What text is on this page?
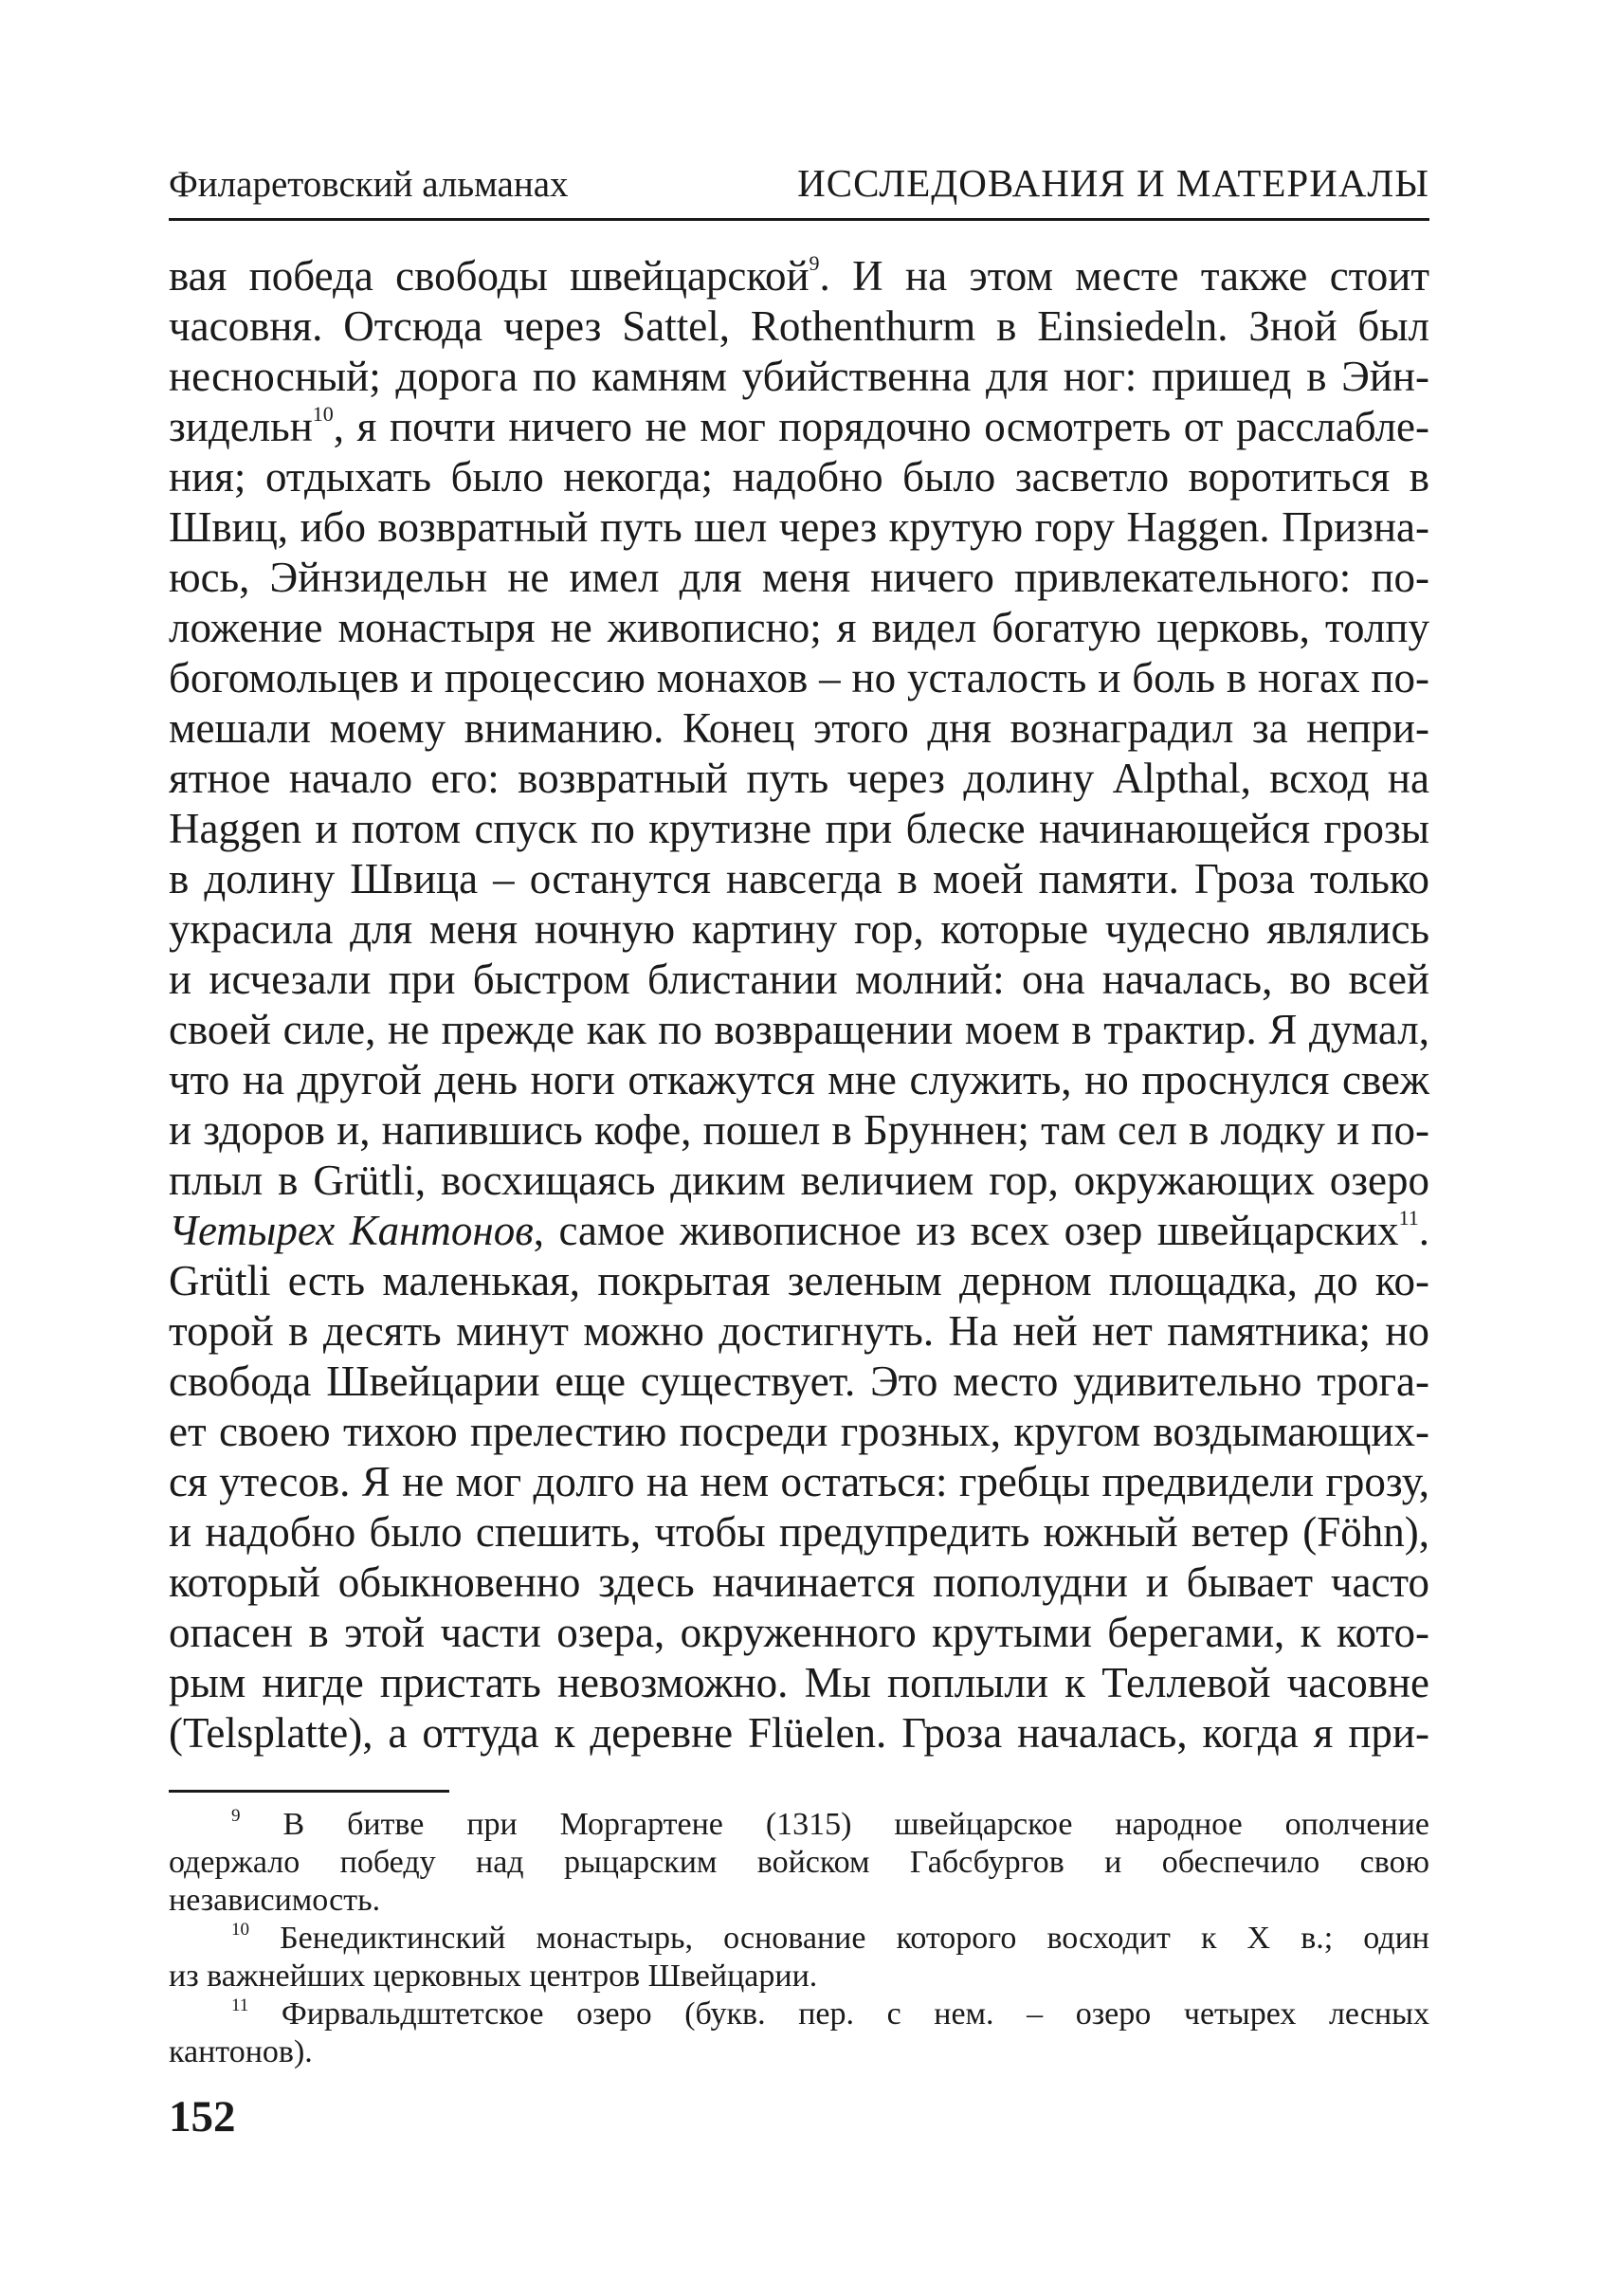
Филаретовский альманах	ИССЛЕДОВАНИЯ И МАТЕРИАЛЫ
вая победа свободы швейцарской$^9$. И на этом месте также стоит
часовня. Отсюда через Sattel, Rothenthurm в Einsiedeln. Зной был
несносный; дорога по камням убийственна для ног: пришед в Эйн-
зидельн$^{10}$, я почти ничего не мог порядочно осмотреть от расслабле-
ния; отдыхать было некогда; надобно было засветло воротиться в
Швиц, ибо возвратный путь шел через крутую гору Haggen. Призна-
юсь, Эйнзидельн не имел для меня ничего привлекательного: по-
ложение монастыря не живописно; я видел богатую церковь, толпу
богомольцев и процессию монахов – но усталость и боль в ногах по-
мешали моему вниманию. Конец этого дня вознаградил за непри-
ятное начало его: возвратный путь через долину Alpthal, всход на
Haggen и потом спуск по крутизне при блеске начинающейся грозы
в долину Швица – останутся навсегда в моей памяти. Гроза только
украсила для меня ночную картину гор, которые чудесно являлись
и исчезали при быстром блистании молний: она началась, во всей
своей силе, не прежде как по возвращении моем в трактир. Я думал,
что на другой день ноги откажутся мне служить, но проснулся свеж
и здоров и, напившись кофе, пошел в Бруннен; там сел в лодку и по-
плыл в Grütli, восхищаясь диким величием гор, окружающих озеро
Четырех Кантонов, самое живописное из всех озер швейцарских$^{11}$.
Grütli есть маленькая, покрытая зеленым дерном площадка, до ко-
торой в десять минут можно достигнуть. На ней нет памятника; но
свобода Швейцарии еще существует. Это место удивительно трога-
ет своею тихою прелестию посреди грозных, кругом воздымающих-
ся утесов. Я не мог долго на нем остаться: гребцы предвидели грозу,
и надобно было спешить, чтобы предупредить южный ветер (Föhn),
который обыкновенно здесь начинается пополудни и бывает часто
опасен в этой части озера, окруженного крутыми берегами, к кото-
рым нигде пристать невозможно. Мы поплыли к Теллевой часовне
(Telsplatte), а оттуда к деревне Flüelen. Гроза началась, когда я при-
$^9$ В битве при Моргартене (1315) швейцарское народное ополчение
одержало победу над рыцарским войском Габсбургов и обеспечило свою
независимость.
$^{10}$ Бенедиктинский монастырь, основание которого восходит к X в.; один
из важнейших церковных центров Швейцарии.
$^{11}$ Фирвальдштетское озеро (букв. пер. с нем. – озеро четырех лесных
кантонов).
152
